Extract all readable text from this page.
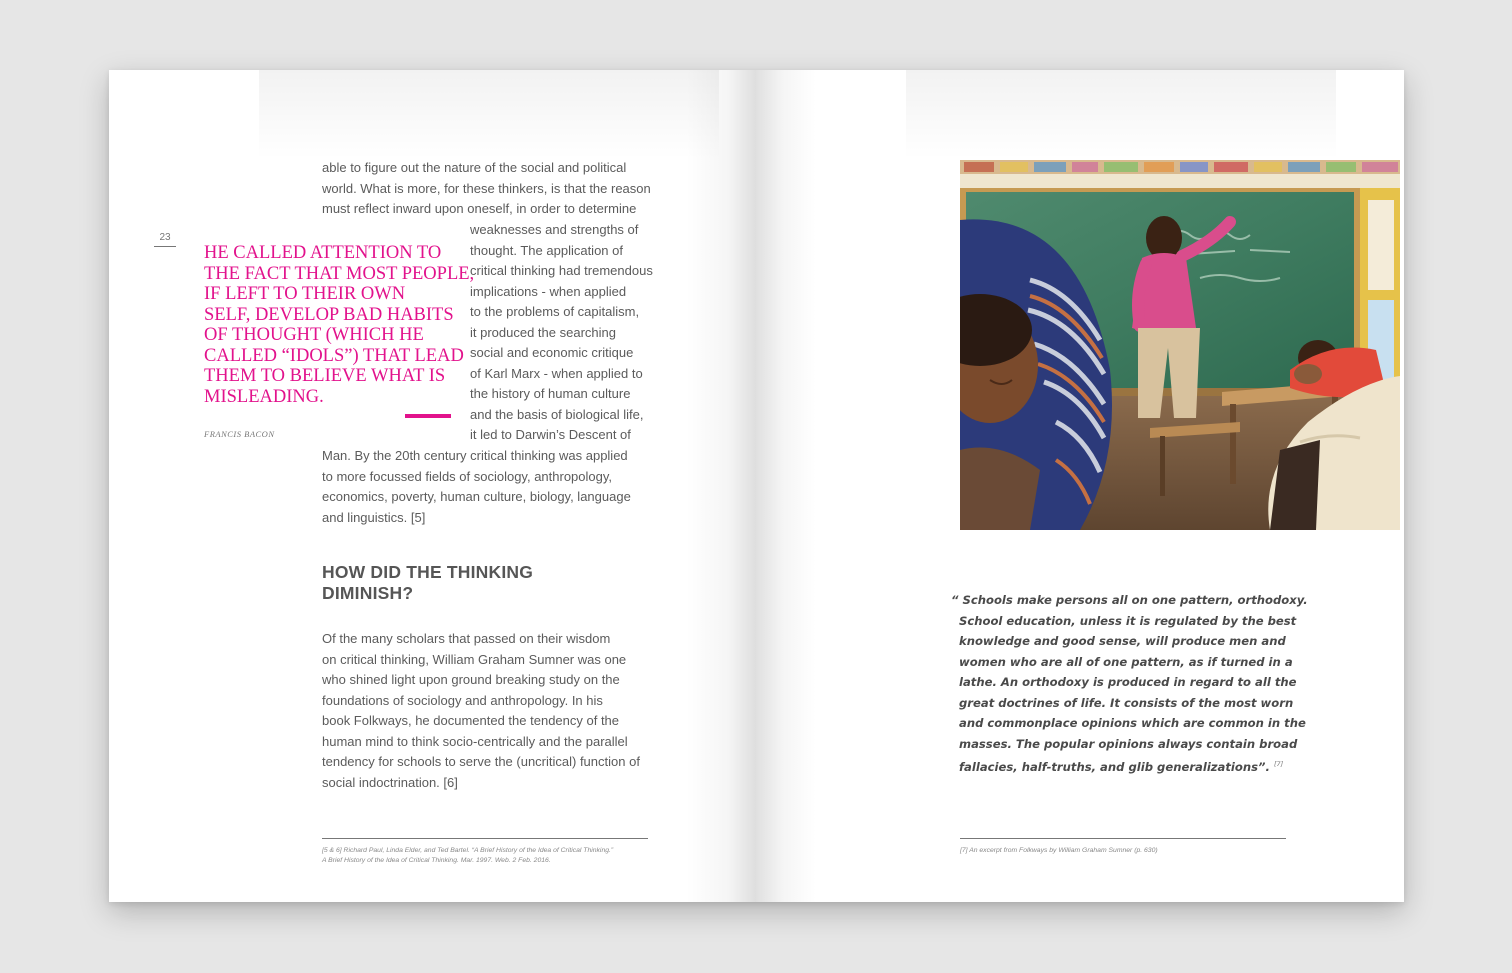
23
able to figure out the nature of the social and political
world. What is more, for these thinkers, is that the reason
must reflect inward upon oneself, in order to determine
weaknesses and strengths of
thought. The application of
critical thinking had tremendous
implications - when applied
to the problems of capitalism,
it produced the searching
social and economic critique
of Karl Marx - when applied to
the history of human culture
and the basis of biological life,
it led to Darwin’s Descent of
Man. By the 20th century critical thinking was applied
to more focussed fields of sociology, anthropology,
economics, poverty, human culture, biology, language
and linguistics. [5]
HE CALLED ATTENTION TO
THE FACT THAT MOST PEOPLE,
IF LEFT TO THEIR OWN
SELF, DEVELOP BAD HABITS
OF THOUGHT (WHICH HE
CALLED “IDOLS”) THAT LEAD
THEM TO BELIEVE WHAT IS
MISLEADING.
FRANCIS BACON
HOW DID THE THINKING
DIMINISH?
Of the many scholars that passed on their wisdom
on critical thinking, William Graham Sumner was one
who shined light upon ground breaking study on the
foundations of sociology and anthropology. In his
book Folkways, he documented the tendency of the
human mind to think socio-centrically and the parallel
tendency for schools to serve the (uncritical) function of
social indoctrination. [6]
[5 & 6] Richard Paul, Linda Elder, and Ted Bartel. “A Brief History of the Idea of Critical Thinking.”
A Brief History of the Idea of Critical Thinking. Mar. 1997. Web. 2 Feb. 2016.
“ Schools make persons all on one pattern, orthodoxy.
School education, unless it is regulated by the best
knowledge and good sense, will produce men and
women who are all of one pattern, as if turned in a
lathe. An orthodoxy is produced in regard to all the
great doctrines of life. It consists of the most worn
and commonplace opinions which are common in the
masses. The popular opinions always contain broad
fallacies, half-truths, and glib generalizations”. [7]
[7] An excerpt from Folkways by William Graham Sumner (p. 630)
